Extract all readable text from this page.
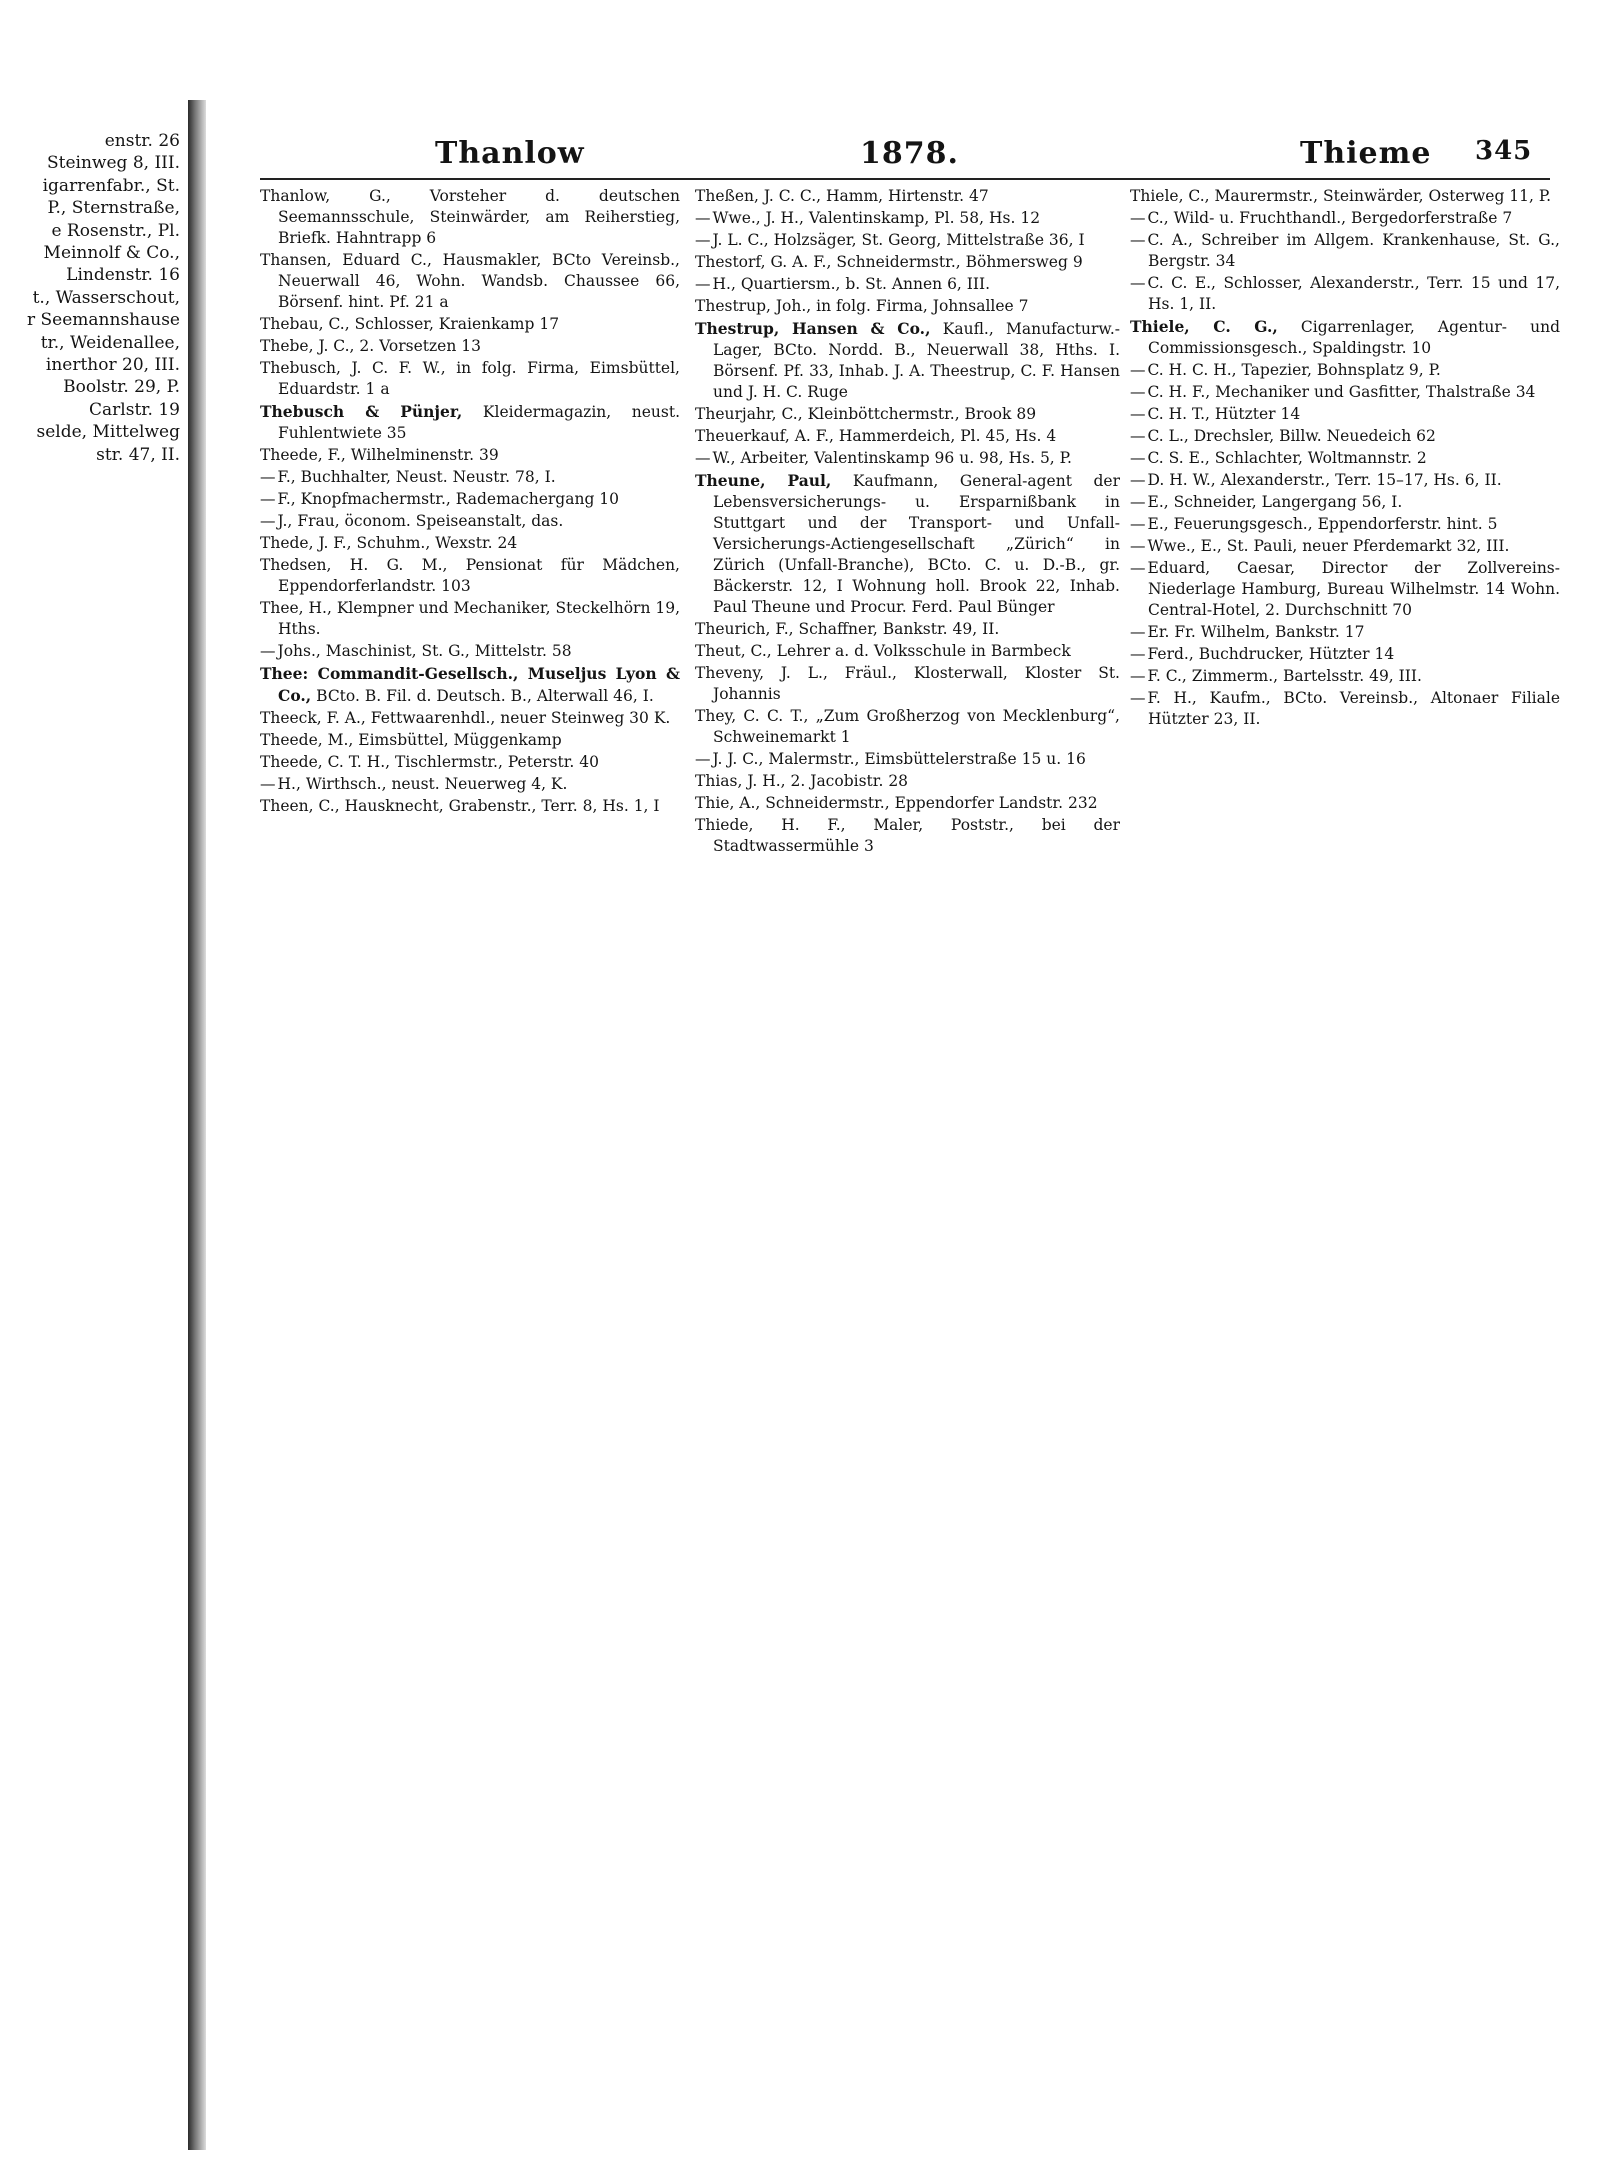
enstr. 26
Steinweg 8, III.
igarrenfabr., St.
P., Sternstraße,
e Rosenstr., Pl.
Meinnolf & Co.,
Lindenstr. 16
t., Wasserschout,
r Seemannshause
tr., Weidenallee,
inerthor 20, III.
Boolstr. 29, P.
Carlstr. 19
selde, Mittelweg
str. 47, II.
Thanlow	1878.	Thieme 345
Thanlow, G.,	Vorsteher d. deutschen Seemannsschule, Steinwärder, am Reiherstieg, Briefk. Hahntrapp 6
Thansen, Eduard C., Hausmakler, BCto Vereinsb., Neuerwall 46, Wohn. Wandsb. Chaussee 66, Börsenf. hint. Pf. 21 a
Thebau, C., Schlosser, Kraienkamp 17
Thebe, J. C., 2. Vorsetzen 13
Thebusch, J. C. F. W., in folg. Firma, Eimsbüttel, Eduardstr. 1 a
Thebusch & Pünjer, Kleidermagazin, neust. Fuhlentwiete 35
Theede, F., Wilhelminenstr. 39
— F., Buchhalter, Neust. Neustr. 78, I.
— F., Knopfmachermstr., Rademachergang 10
— J., Frau, öconom. Speiseanstalt, das.
Thede, J. F., Schuhm., Wexstr. 24
Thedsen, H. G. M., Pensionat für Mädchen, Eppendorferlandstr. 103
Thee, H., Klempner und Mechaniker, Steckelhörn 19, Hths.
— Johs., Maschinist, St. G., Mittelstr. 58
Thee: Commandit-Gesellsch., Museljus Lyon & Co., BCto. B. Fil. d. Deutsch. B., Alterwall 46, I.
Theeck, F. A., Fettwaarenhdl., neuer Steinweg 30 K.
Theede, M., Eimsbüttel, Müggenkamp
Theede, C. T. H., Tischlermstr., Peterstr. 40
— H., Wirthsch., neust. Neuerweg 4, K.
Theen, C., Hausknecht, Grabenstr., Terr. 8, Hs. 1, I
Theßen, J. C. C., Hamm, Hirtenstr. 47
— Wwe., J. H., Valentinskamp, Pl. 58, Hs. 12
— J. L. C., Holzsäger, St. Georg, Mittelstraße 36, I
Thestorf, G. A. F., Schneidermstr., Böhmersweg 9
— H., Quartiersm., b. St. Annen 6, III.
Thestrup, Joh., in folg. Firma, Johnsallee 7
Thestrup, Hansen & Co., Kaufl., Manufacturw.-Lager, BCto. Nordd. B., Neuerwall 38, Hths. I. Börsenf. Pf. 33, Inhab. J. A. Theestrup, C. F. Hansen und J. H. C. Ruge
Theurjahr, C., Kleinböttchermstr., Brook 89
Theuerkauf, A. F., Hammerdeich, Pl. 45, Hs. 4
— W., Arbeiter, Valentinskamp 96 u. 98, Hs. 5, P.
Theune, Paul, Kaufmann, General-agent der Lebensversicherungs- u. Ersparnißbank in Stuttgart und der Transport- und Unfall-Versicherungs-Actiengesellschaft „Zürich“ in Zürich (Unfall-Branche), BCto. C. u. D.-B., gr. Bäckerstr. 12, I Wohnung holl. Brook 22, Inhab. Paul Theune und Procur. Ferd. Paul Bünger
Theurich, F., Schaffner, Bankstr. 49, II.
Theut, C., Lehrer a. d. Volksschule in Barmbeck
Theveny, J. L., Fräul., Klosterwall, Kloster St. Johannis
They, C. C. T., „Zum Großherzog von Mecklenburg“, Schweinemarkt 1
— J. J. C., Malermstr., Eimsbüttelerstraße 15 u. 16
Thias, J. H., 2. Jacobistr. 28
Thie, A., Schneidermstr., Eppendorfer Landstr. 232
Thiede, H. F., Maler, Poststr., bei der Stadtwassermühle 3
Thiele, C., Maurermstr., Steinwärder, Osterweg 11, P.
— C., Wild- u. Fruchthandl., Bergedorferstraße 7
— C. A., Schreiber im Allgem. Krankenhause, St. G., Bergstr. 34
— C. C. E., Schlosser, Alexanderstr., Terr. 15 und 17, Hs. 1, II.
Thiele, C. G., Cigarrenlager, Agentur- und Commissionsgesch., Spaldingstr. 10
— C. H. C. H., Tapezier, Bohnsplatz 9, P.
— C. H. F., Mechaniker und Gasfitter, Thalstraße 34
— C. H. T., Hützter 14
— C. L., Drechsler, Billw. Neuedeich 62
— C. S. E., Schlachter, Woltmannstr. 2
— D. H. W., Alexanderstr., Terr. 15–17, Hs. 6, II.
— E., Schneider, Langergang 56, I.
— E., Feuerungsgesch., Eppendorferstr. hint. 5
— Wwe., E., St. Pauli, neuer Pferdemarkt 32, III.
— Eduard, Caesar, Director der Zollvereins-Niederlage Hamburg, Bureau Wilhelmstr. 14 Wohn. Central-Hotel, 2. Durchschnitt 70
— Er. Fr. Wilhelm, Bankstr. 17
— Ferd., Buchdrucker, Hützter 14
— F. C., Zimmerm., Bartelsstr. 49, III.
— F. H., Kaufm., BCto. Vereinsb., Altonaer Filiale Hützter 23, II.
